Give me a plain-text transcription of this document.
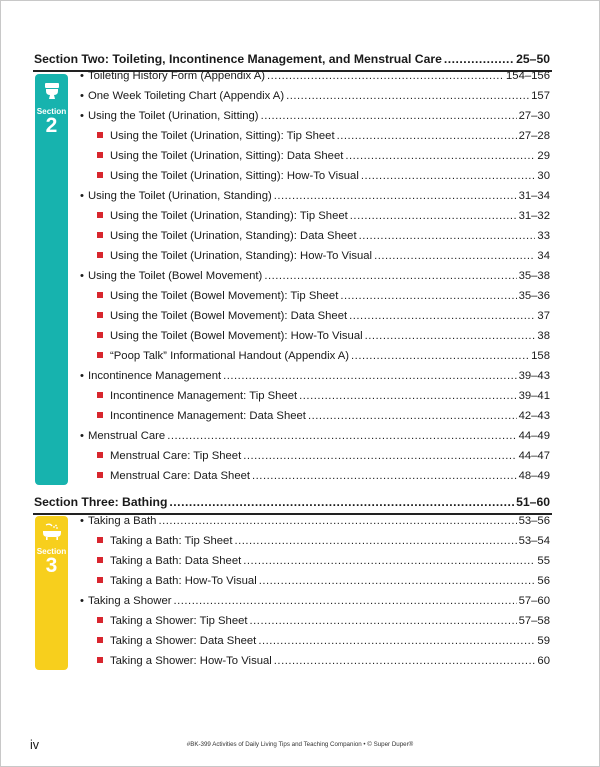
Section Two: Toileting, Incontinence Management, and Menstrual Care .....	25–50
Section
2
• Toileting History Form (Appendix A) .....	154–156
• One Week Toileting Chart (Appendix A) .....	157
• Using the Toilet (Urination, Sitting) .....	27–30
Using the Toilet (Urination, Sitting): Tip Sheet .....	27–28
Using the Toilet (Urination, Sitting): Data Sheet .....	29
Using the Toilet (Urination, Sitting): How-To Visual .....	30
• Using the Toilet (Urination, Standing) .....	31–34
Using the Toilet (Urination, Standing): Tip Sheet .....	31–32
Using the Toilet (Urination, Standing): Data Sheet .....	33
Using the Toilet (Urination, Standing): How-To Visual .....	34
• Using the Toilet (Bowel Movement) .....	35–38
Using the Toilet (Bowel Movement): Tip Sheet .....	35–36
Using the Toilet (Bowel Movement): Data Sheet .....	37
Using the Toilet (Bowel Movement): How-To Visual .....	38
“Poop Talk” Informational Handout (Appendix A) .....	158
• Incontinence Management .....	39–43
Incontinence Management: Tip Sheet .....	39–41
Incontinence Management: Data Sheet .....	42–43
• Menstrual Care .....	44–49
Menstrual Care: Tip Sheet .....	44–47
Menstrual Care: Data Sheet .....	48–49
Section Three: Bathing .....	51–60
Section
3
• Taking a Bath .....	53–56
Taking a Bath: Tip Sheet .....	53–54
Taking a Bath: Data Sheet .....	55
Taking a Bath: How-To Visual .....	56
• Taking a Shower .....	57–60
Taking a Shower: Tip Sheet .....	57–58
Taking a Shower: Data Sheet .....	59
Taking a Shower: How-To Visual .....	60
iv	#BK-399 Activities of Daily Living Tips and Teaching Companion • © Super Duper®
